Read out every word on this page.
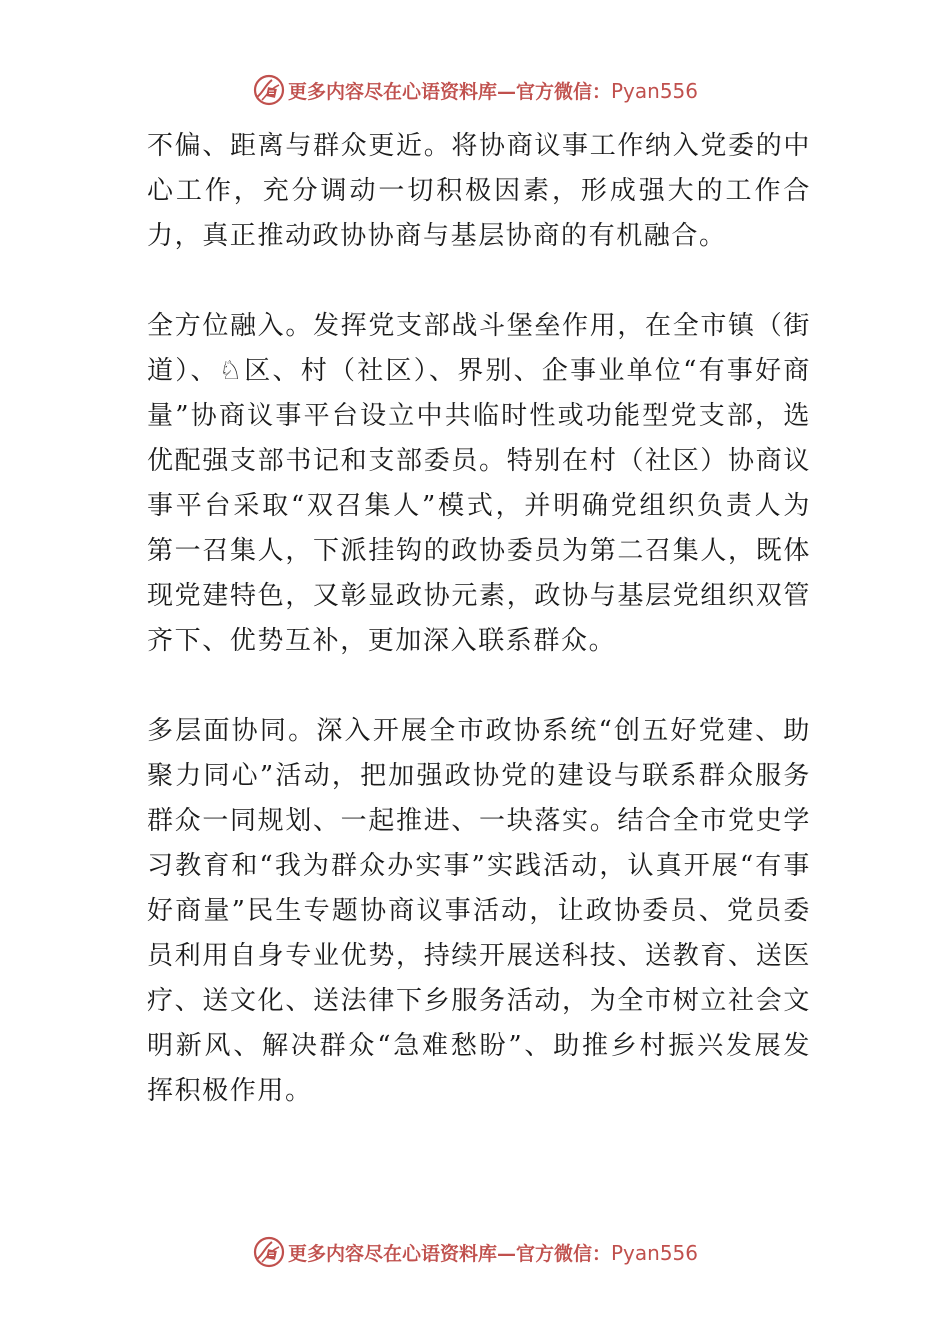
更多内容尽在心语资料库—官方微信：Pyan556

不偏、距离与群众更近。将协商议事工作纳入党委的中心工作，充分调动一切积极因素，形成强大的工作合力，真正推动政协协商与基层协商的有机融合。

全方位融入。发挥党支部战斗堡垒作用，在全市镇（街道）、♘区、村（社区）、界别、企事业单位“有事好商量”协商议事平台设立中共临时性或功能型党支部，选优配强支部书记和支部委员。特别在村（社区）协商议事平台采取“双召集人”模式，并明确党组织负责人为第一召集人，下派挂钩的政协委员为第二召集人，既体现党建特色，又彰显政协元素，政协与基层党组织双管齐下、优势互补，更加深入联系群众。

多层面协同。深入开展全市政协系统“创五好党建、助聚力同心”活动，把加强政协党的建设与联系群众服务群众一同规划、一起推进、一块落实。结合全市党史学习教育和“我为群众办实事”实践活动，认真开展“有事好商量”民生专题协商议事活动，让政协委员、党员委员利用自身专业优势，持续开展送科技、送教育、送医疗、送文化、送法律下乡服务活动，为全市树立社会文明新风、解决群众“急难愁盼”、助推乡村振兴发展发挥积极作用。

更多内容尽在心语资料库—官方微信：Pyan556
